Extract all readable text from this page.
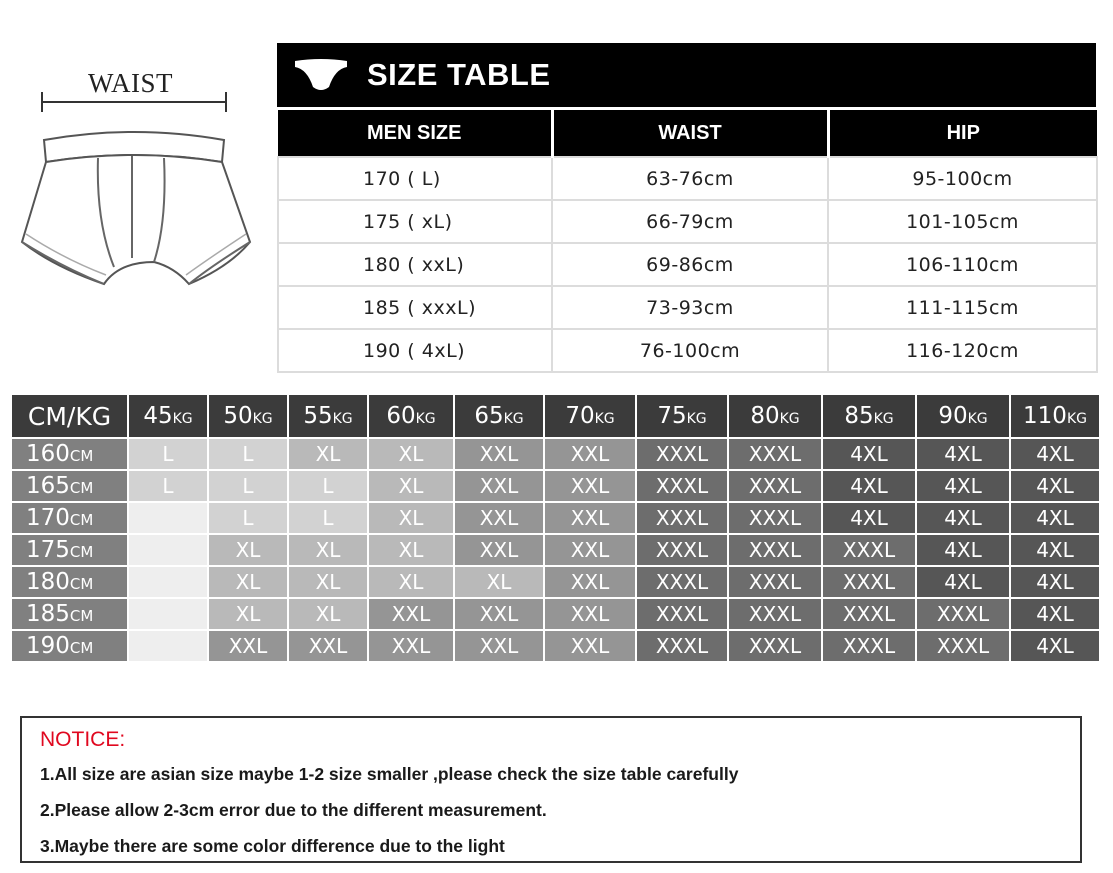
WAIST	SIZE TABLE
MEN SIZE	WAIST	HIP
170 ( L)	63-76cm	95-100cm
175 ( xL)	66-79cm	101-105cm
180 ( xxL)	69-86cm	106-110cm
185 ( xxxL)	73-93cm	111-115cm
190 ( 4xL)	76-100cm	116-120cm
CM/KG	45KG	50KG	55KG	60KG	65KG	70KG	75KG	80KG	85KG	90KG	110KG
160CM	L	L	XL	XL	XXL	XXL	XXXL	XXXL	4XL	4XL	4XL
165CM	L	L	L	XL	XXL	XXL	XXXL	XXXL	4XL	4XL	4XL
170CM		L	L	XL	XXL	XXL	XXXL	XXXL	4XL	4XL	4XL
175CM		XL	XL	XL	XXL	XXL	XXXL	XXXL	XXXL	4XL	4XL
180CM		XL	XL	XL	XL	XXL	XXXL	XXXL	XXXL	4XL	4XL
185CM		XL	XL	XXL	XXL	XXL	XXXL	XXXL	XXXL	XXXL	4XL
190CM		XXL	XXL	XXL	XXL	XXL	XXXL	XXXL	XXXL	XXXL	4XL
NOTICE:
1.All size are asian size maybe 1-2 size smaller ,please check the size table carefully
2.Please allow 2-3cm error due to the different measurement.
3.Maybe there are some color difference due to the light
